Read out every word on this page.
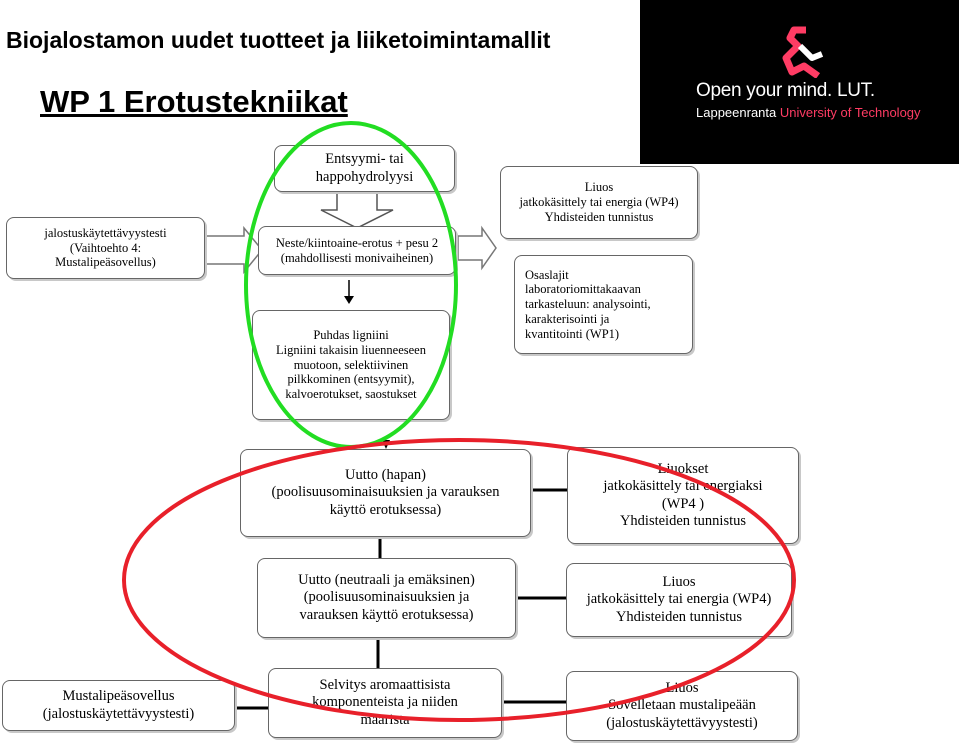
Biojalostamon uudet tuotteet ja liiketoimintamallit
WP 1 Erotustekniikat	Open your mind. LUT.
Lappeenranta University of Technology
Entsyymi- tai
happohydrolyysi
jalostuskäytettävyystesti
(Vaihtoehto 4:
Mustalipeäsovellus)
Neste/kiintoaine-erotus + pesu 2
(mahdollisesti monivaiheinen)
Liuos
jatkokäsittely tai energia (WP4)
Yhdisteiden tunnistus
Osaslajit
laboratoriomittakaavan
tarkasteluun: analysointi,
karakterisointi ja
kvantitointi (WP1)
Puhdas ligniini
Ligniini takaisin liuenneeseen
muotoon, selektiivinen
pilkkominen (entsyymit),
kalvoerotukset, saostukset
Uutto (hapan)
(poolisuusominaisuuksien ja varauksen
käyttö erotuksessa)
Liuokset
jatkokäsittely tai energiaksi
(WP4 )
Yhdisteiden tunnistus
Uutto (neutraali ja emäksinen)
(poolisuusominaisuuksien ja
varauksen käyttö erotuksessa)
Liuos
jatkokäsittely tai energia (WP4)
Yhdisteiden tunnistus
Mustalipeäsovellus
(jalostuskäytettävyystesti)
Selvitys aromaattisista
komponenteista ja niiden
määrista
Liuos
Sovelletaan mustalipeään
(jalostuskäytettävyystesti)
